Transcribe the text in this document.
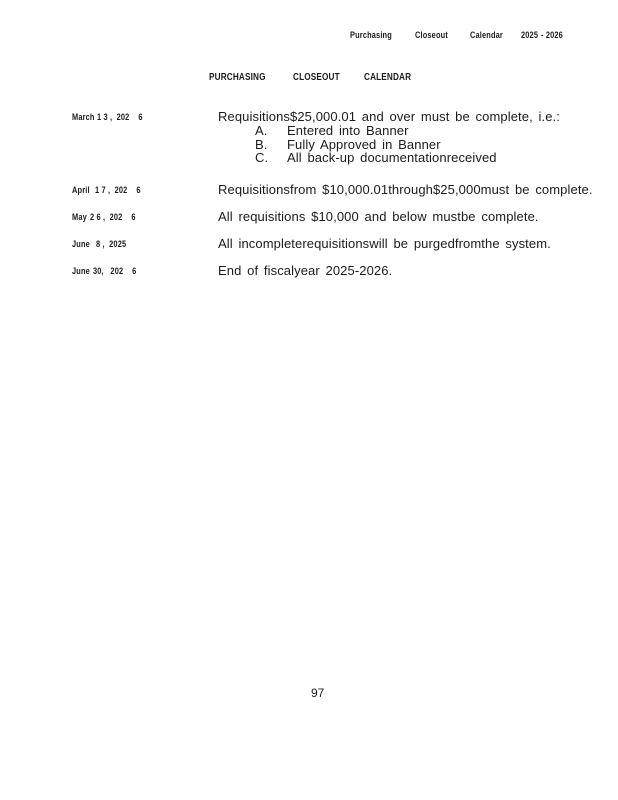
Purchasing Closeout Calendar 2025 - 2026
PURCHASING	CLOSEOUT CALENDAR
March 1 3 ,  202    6	Requisitions$25,000.01 and over must be complete, i.e.:
A. Entered into Banner
B. Fully Approved in Banner
C. All back-up documentationreceived
April 1 7 ,  202    6	Requisitionsfrom $10,000.01through$25,000must be complete.
May 2 6 ,  202    6	All requisitions $10,000 and below mustbe complete.
June 8 ,  2025	All incompleterequisitionswill be purgedfromthe system.
June 30,   202    6	End of fiscalyear 2025-2026.
97
